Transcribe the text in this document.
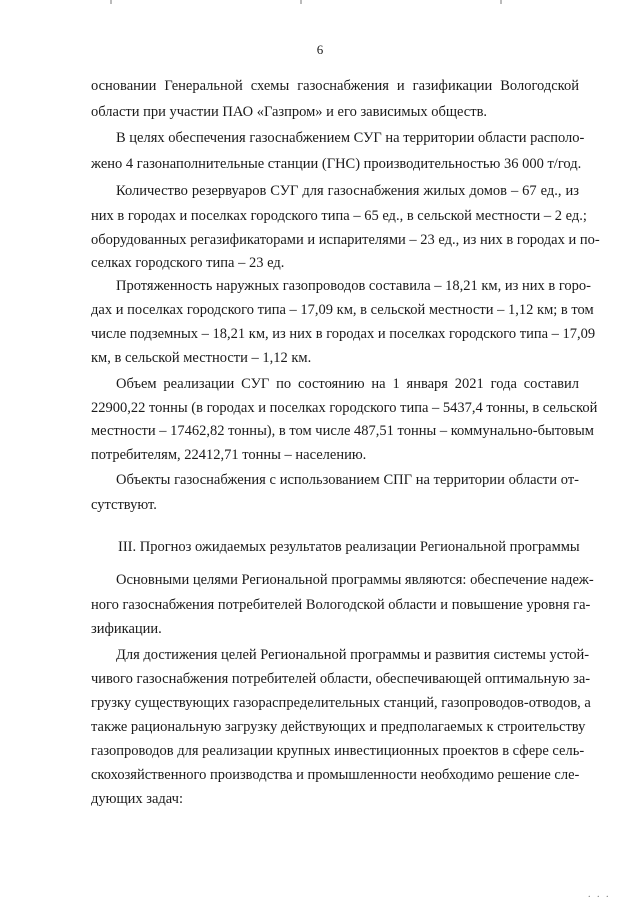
6
основании Генеральной схемы газоснабжения и газификации Вологодской
области при участии ПАО «Газпром» и его зависимых обществ.
В целях обеспечения газоснабжением СУГ на территории области располо-
жено 4 газонаполнительные станции (ГНС) производительностью 36 000 т/год.
Количество резервуаров СУГ для газоснабжения жилых домов – 67 ед., из
них в городах и поселках городского типа – 65 ед., в сельской местности – 2 ед.;
оборудованных регазификаторами и испарителями – 23 ед., из них в городах и по-
селках городского типа – 23 ед.
Протяженность наружных газопроводов составила – 18,21 км, из них в горо-
дах и поселках городского типа – 17,09 км, в сельской местности – 1,12 км; в том
числе подземных – 18,21 км, из них в городах и поселках городского типа – 17,09
км, в сельской местности – 1,12 км.
Объем реализации СУГ по состоянию на 1 января 2021 года составил
22900,22 тонны (в городах и поселках городского типа – 5437,4 тонны, в сельской
местности – 17462,82 тонны), в том числе 487,51 тонны – коммунально-бытовым
потребителям, 22412,71 тонны – населению.
Объекты газоснабжения с использованием СПГ на территории области от-
сутствуют.
III. Прогноз ожидаемых результатов реализации Региональной программы
Основными целями Региональной программы являются: обеспечение надеж-
ного газоснабжения потребителей Вологодской области и повышение уровня га-
зификации.
Для достижения целей Региональной программы и развития системы устой-
чивого газоснабжения потребителей области, обеспечивающей оптимальную за-
грузку существующих газораспределительных станций, газопроводов-отводов, а
также рациональную загрузку действующих и предполагаемых к строительству
газопроводов для реализации крупных инвестиционных проектов в сфере сель-
скохозяйственного производства и промышленности необходимо решение сле-
дующих задач:
. . .
